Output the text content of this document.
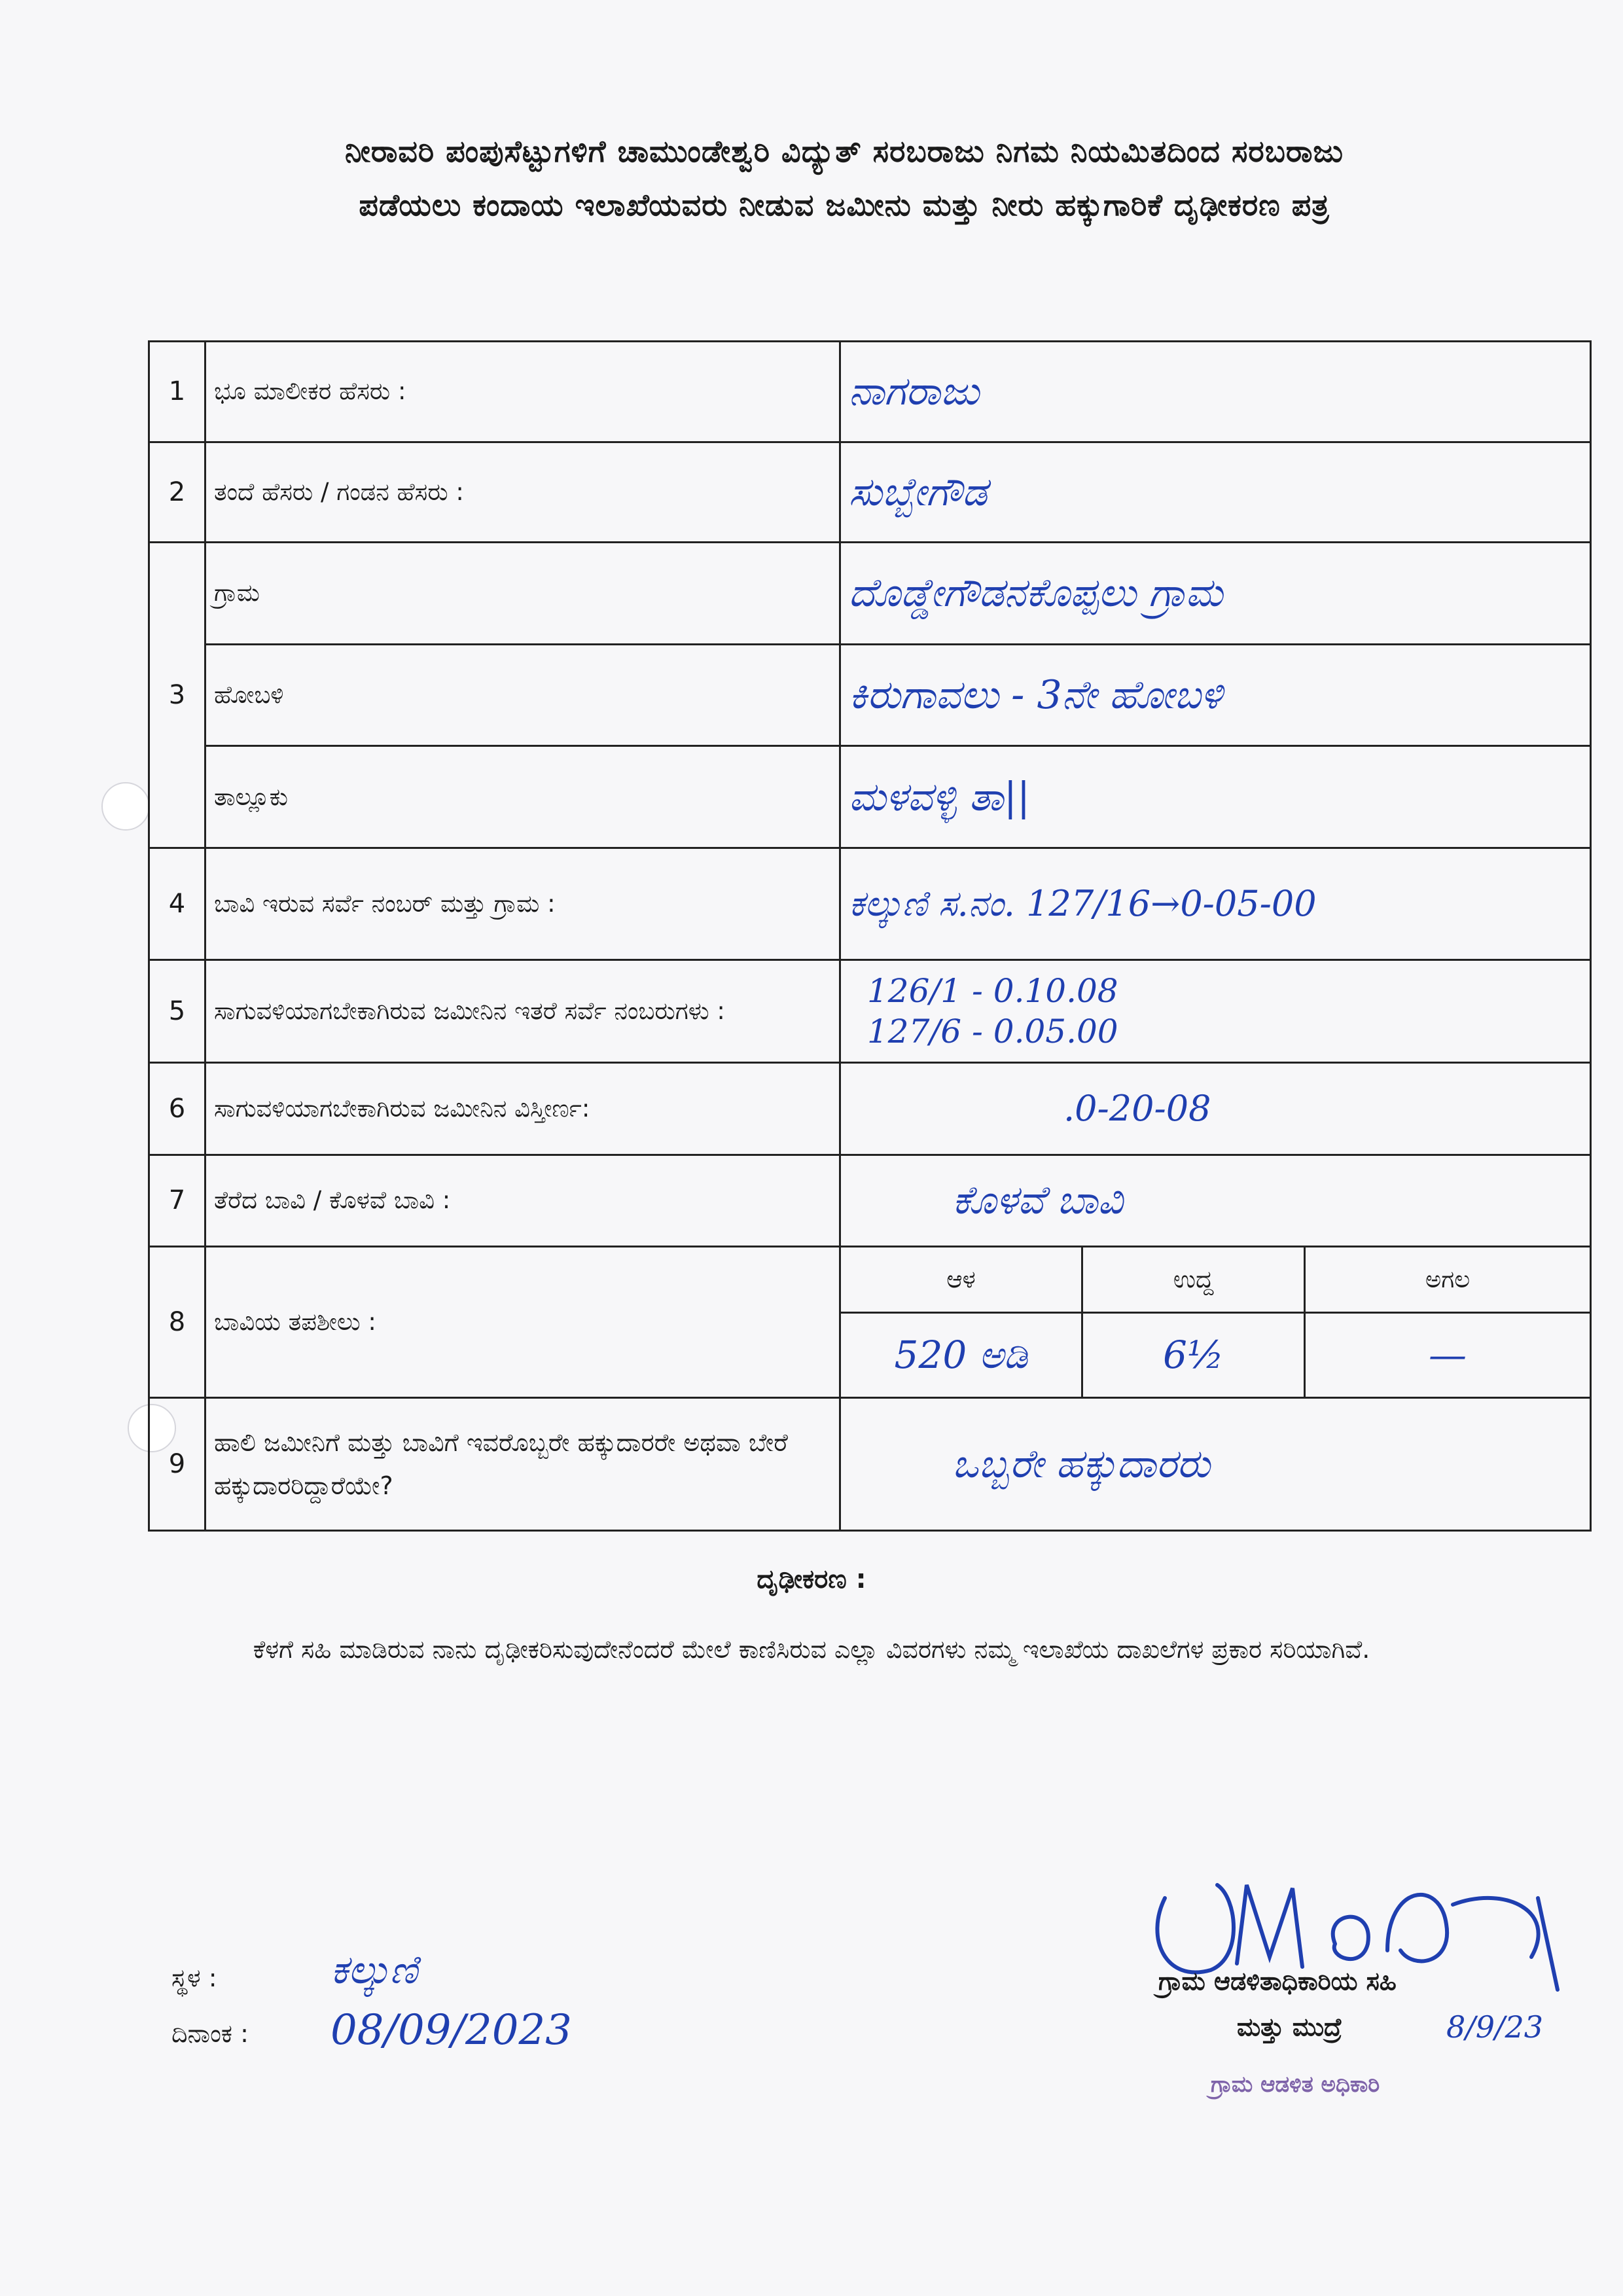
ನೀರಾವರಿ ಪಂಪುಸೆಟ್ಟುಗಳಿಗೆ ಚಾಮುಂಡೇಶ್ವರಿ ವಿದ್ಯುತ್ ಸರಬರಾಜು ನಿಗಮ ನಿಯಮಿತದಿಂದ ಸರಬರಾಜು
ಪಡೆಯಲು ಕಂದಾಯ ಇಲಾಖೆಯವರು ನೀಡುವ ಜಮೀನು ಮತ್ತು ನೀರು ಹಕ್ಕುಗಾರಿಕೆ ದೃಢೀಕರಣ ಪತ್ರ
1	ಭೂ ಮಾಲೀಕರ ಹೆಸರು :	ನಾಗರಾಜು		
2	ತಂದೆ ಹೆಸರು / ಗಂಡನ ಹೆಸರು :	ಸುಬ್ಬೇಗೌಡ		
3	ಗ್ರಾಮ	ದೊಡ್ಡೇಗೌಡನಕೊಪ್ಪಲು ಗ್ರಾಮ		
	ಹೋಬಳಿ	ಕಿರುಗಾವಲು - 3ನೇ ಹೋಬಳಿ		
	ತಾಲ್ಲೂಕು	ಮಳವಳ್ಳಿ ತಾ||		
4	ಬಾವಿ ಇರುವ ಸರ್ವೆ ನಂಬರ್ ಮತ್ತು ಗ್ರಾಮ :	ಕಲ್ಕುಣಿ ಸ.ನಂ. 127/16→0-05-00		
5	ಸಾಗುವಳಿಯಾಗಬೇಕಾಗಿರುವ ಜಮೀನಿನ ಇತರೆ ಸರ್ವೆ ನಂಬರುಗಳು :	126/1 - 0.10.08
127/6 - 0.05.00		

6	ಸಾಗುವಳಿಯಾಗಬೇಕಾಗಿರುವ ಜಮೀನಿನ ವಿಸ್ತೀರ್ಣ:	.0-20-08		
7	ತೆರೆದ ಬಾವಿ / ಕೊಳವೆ ಬಾವಿ :	ಕೊಳವೆ ಬಾವಿ		
8	ಬಾವಿಯ ತಪಶೀಲು :	ಆಳ	ಉದ್ದ	ಅಗಲ
		520 ಅಡಿ	6½	—
9	ಹಾಲಿ ಜಮೀನಿಗೆ ಮತ್ತು ಬಾವಿಗೆ ಇವರೊಬ್ಬರೇ ಹಕ್ಕುದಾರರೇ ಅಥವಾ ಬೇರೆ ಹಕ್ಕುದಾರರಿದ್ದಾರೆಯೇ?	ಒಬ್ಬರೇ ಹಕ್ಕುದಾರರು		
ದೃಢೀಕರಣ :
ಕೆಳಗೆ ಸಹಿ ಮಾಡಿರುವ ನಾನು ದೃಢೀಕರಿಸುವುದೇನೆಂದರೆ ಮೇಲೆ ಕಾಣಿಸಿರುವ ಎಲ್ಲಾ ವಿವರಗಳು ನಮ್ಮ ಇಲಾಖೆಯ ದಾಖಲೆಗಳ ಪ್ರಕಾರ ಸರಿಯಾಗಿವೆ.
ಸ್ಥಳ :	ಕಲ್ಕುಣಿ
ದಿನಾಂಕ : 08/09/2023
ಗ್ರಾಮ ಆಡಳಿತಾಧಿಕಾರಿಯ ಸಹಿ
ಮತ್ತು ಮುದ್ರೆ	8/9/23
ಗ್ರಾಮ ಆಡಳಿತ ಅಧಿಕಾರಿ
